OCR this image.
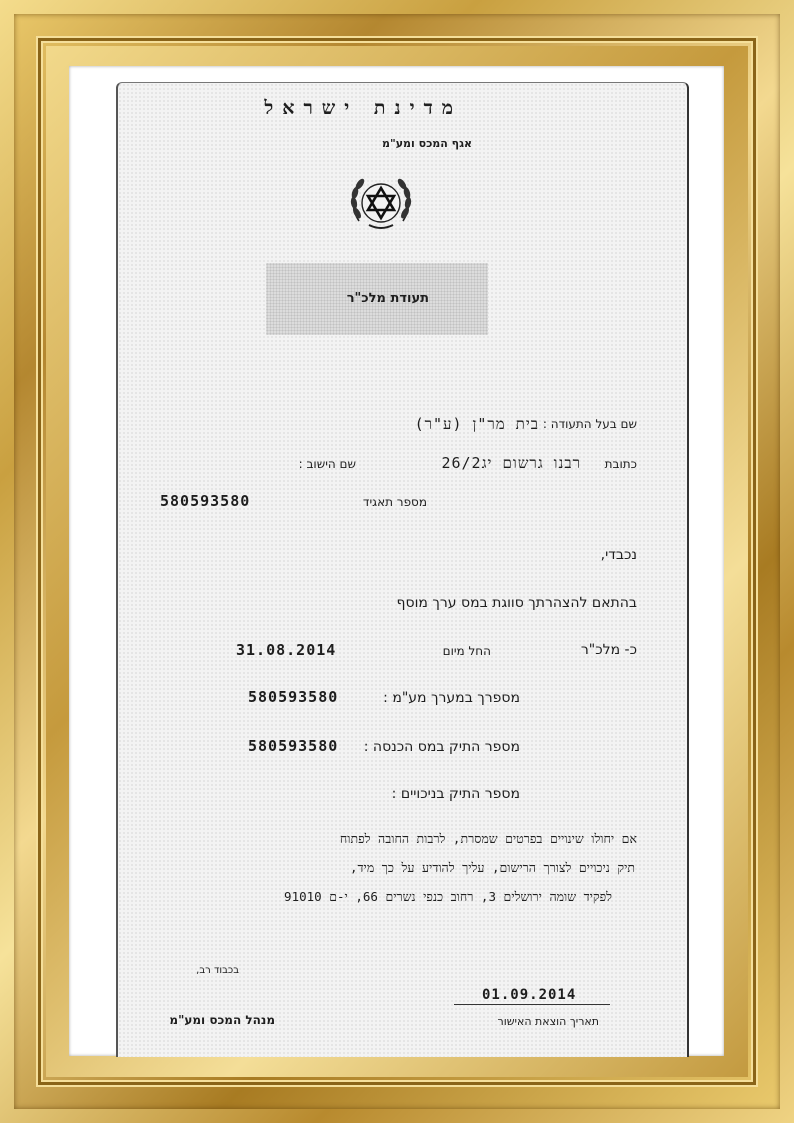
מדינת ישראל
אגף המכס ומע"מ
תעודת מלכ"ר
שם בעל התעודה :
בית מר"ן (ע"ר)
כתובת
רבנו גרשום יג26/2
שם הישוב :
מספר תאגיד
580593580
נכבדי,
בהתאם להצהרתך סווגת במס ערך מוסף
כ- מלכ"ר
החל מיום
31.08.2014
מספרך במערך מע"מ :
580593580
מספר התיק במס הכנסה :
580593580
מספר התיק בניכויים :
אם יחולו שינויים בפרטים שמסרת, לרבות החובה לפתוח
תיק ניכויים לצורך הרישום, עליך להודיע על כך מיד,
לפקיד שומה ירושלים 3, רחוב כנפי נשרים 66, י-ם 91010
בכבוד רב,
מנהל המכס ומע"מ
01.09.2014
תאריך הוצאת האישור
